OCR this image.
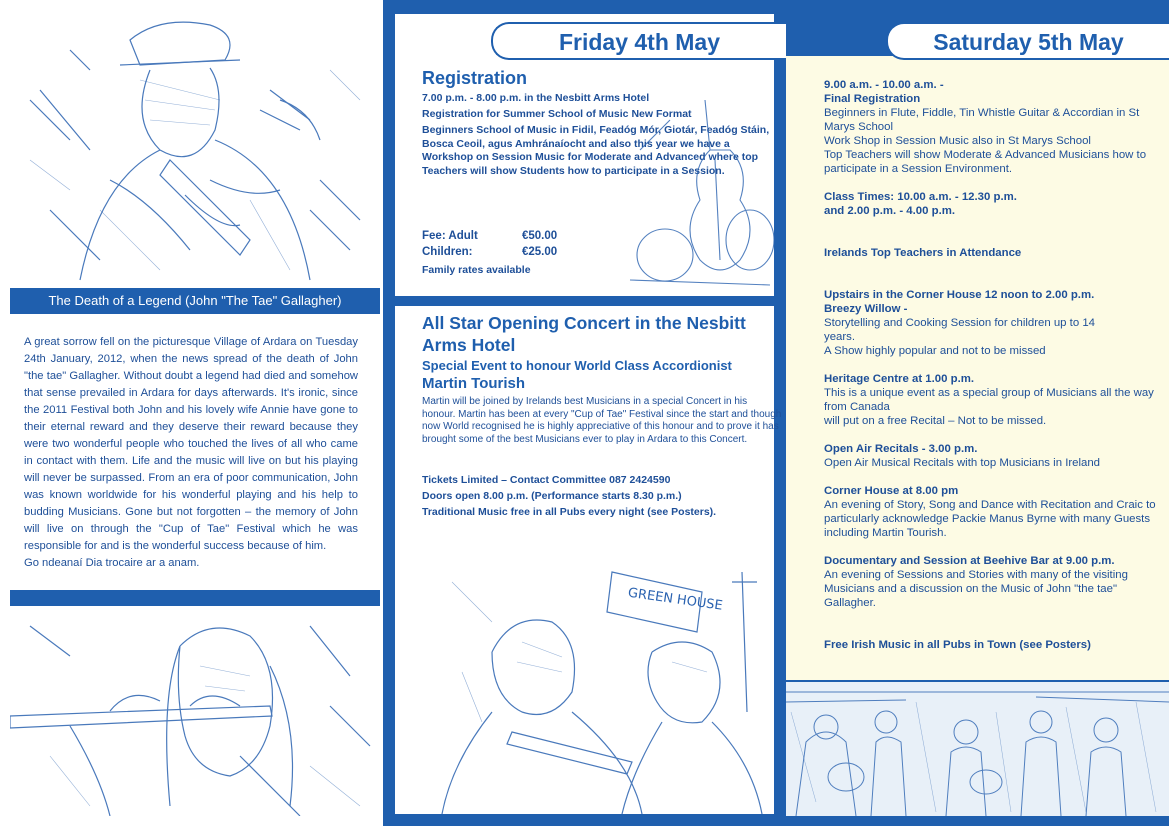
The Death of a Legend (John "The Tae" Gallagher)

A great sorrow fell on the picturesque Village of Ardara on Tuesday 24th January, 2012, when the news spread of the death of John "the tae" Gallagher. Without doubt a legend had died and somehow that sense prevailed in Ardara for days afterwards. It's ironic, since the 2011 Festival both John and his lovely wife Annie have gone to their eternal reward and they deserve their reward because they were two wonderful people who touched the lives of all who came in contact with them. Life and the music will live on but his playing will never be surpassed. From an era of poor communication, John was known worldwide for his wonderful playing and his help to budding Musicians. Gone but not forgotten – the memory of John will live on through the "Cup of Tae" Festival which he was responsible for and is the wonderful success because of him.

Go ndeanaí Dia trocaire ar a anam.

Friday 4th May
Registration
7.00 p.m. - 8.00 p.m. in the Nesbitt Arms Hotel
Registration for Summer School of Music New Format
Beginners School of Music in Fidil, Feadóg Mór, Giotár, Feadóg Stáin, Bosca Ceoil, agus Amhránaíocht and also this year we have a Workshop on Session Music for Moderate and Advanced where top Teachers will show Students how to participate in a Session.
Fee: Adult	€50.00
Children:	€25.00
Family rates available
All Star Opening Concert in the Nesbitt Arms Hotel
Special Event to honour World Class Accordionist
Martin Tourish
Martin will be joined by Irelands best Musicians in a special Concert in his honour. Martin has been at every "Cup of Tae" Festival since the start and though now World recognised he is highly appreciative of this honour and to prove it has brought some of the best Musicians ever to play in Ardara to this Concert.
Tickets Limited – Contact Committee 087 2424590
Doors open 8.00 p.m. (Performance starts 8.30 p.m.)
Traditional Music free in all Pubs every night (see Posters).
GREEN HOUSE
Saturday 5th May
9.00 a.m. - 10.00 a.m. -
Final Registration
Beginners in Flute, Fiddle, Tin Whistle Guitar & Accordian in St Marys School
Work Shop in Session Music also in St Marys School
Top Teachers will show Moderate & Advanced Musicians how to participate in a Session Environment.
Class Times: 10.00 a.m. - 12.30 p.m.
and 2.00 p.m. - 4.00 p.m.
Irelands Top Teachers in Attendance
Upstairs in the Corner House 12 noon to 2.00 p.m.
Breezy Willow -
Storytelling and Cooking Session for children up to 14 years.
A Show highly popular and not to be missed
Heritage Centre at 1.00 p.m.
This is a unique event as a special group of Musicians all the way from Canada
will put on a free Recital – Not to be missed.
Open Air Recitals - 3.00 p.m.
Open Air Musical Recitals with top Musicians in Ireland
Corner House at 8.00 pm
An evening of Story, Song and Dance with Recitation and Craic to particularly acknowledge Packie Manus Byrne with many Guests including Martin Tourish.
Documentary and Session at Beehive Bar at 9.00 p.m.
An evening of Sessions and Stories with many of the visiting Musicians and a discussion on the Music of John "the tae" Gallagher.
Free Irish Music in all Pubs in Town (see Posters)
